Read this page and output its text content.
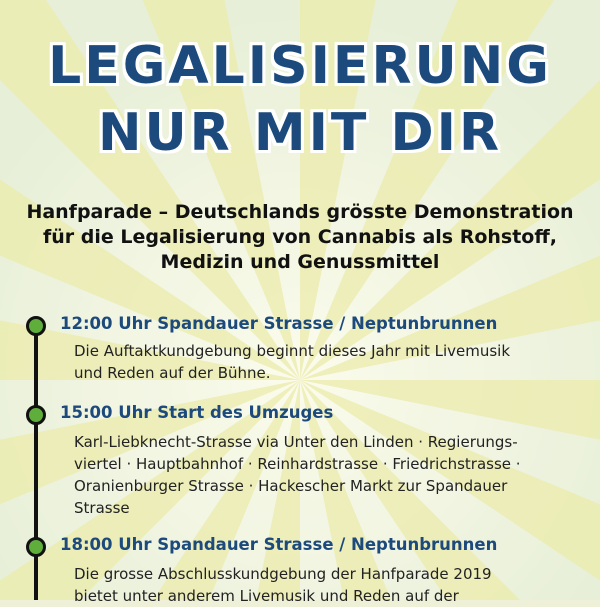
LEGALISIERUNG
NUR MIT DIR
Hanfparade – Deutschlands grösste Demonstration
für die Legalisierung von Cannabis als Rohstoff,
Medizin und Genussmittel
12:00 Uhr Spandauer Strasse / Neptunbrunnen
Die Auftaktkundgebung beginnt dieses Jahr mit Livemusik
und Reden auf der Bühne.
15:00 Uhr Start des Umzuges
Karl-Liebknecht-Strasse via Unter den Linden · Regierungs-
viertel · Hauptbahnhof · Reinhardstrasse · Friedrichstrasse ·
Oranienburger Strasse · Hackescher Markt zur Spandauer
Strasse
18:00 Uhr Spandauer Strasse / Neptunbrunnen
Die grosse Abschlusskundgebung der Hanfparade 2019
bietet unter anderem Livemusik und Reden auf der
